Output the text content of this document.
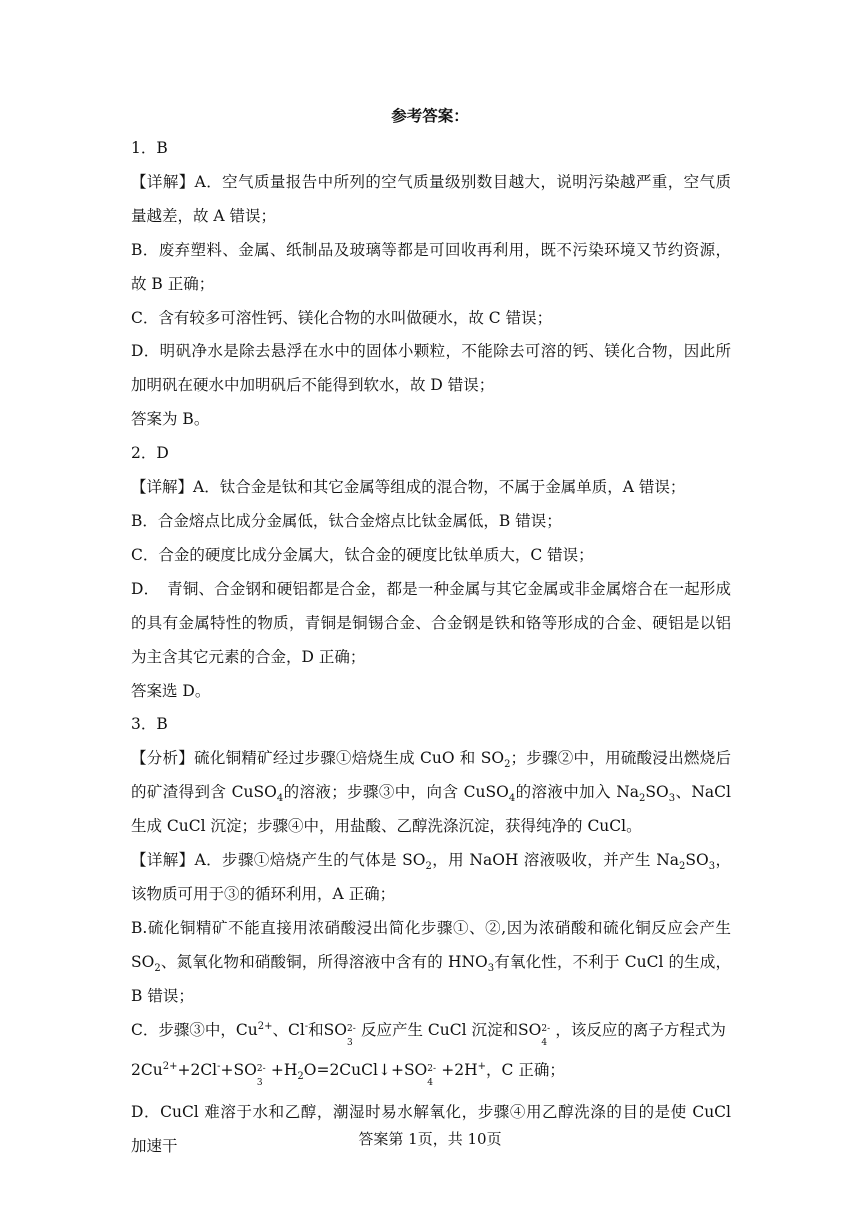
参考答案：

1．B

【详解】A．空气质量报告中所列的空气质量级别数目越大，说明污染越严重，空气质量越差，故 A 错误；

B．废弃塑料、金属、纸制品及玻璃等都是可回收再利用，既不污染环境又节约资源，故 B 正确；

C．含有较多可溶性钙、镁化合物的水叫做硬水，故 C 错误；

D．明矾净水是除去悬浮在水中的固体小颗粒，不能除去可溶的钙、镁化合物，因此所加明矾在硬水中加明矾后不能得到软水，故 D 错误；

答案为 B。

2．D

【详解】A．钛合金是钛和其它金属等组成的混合物，不属于金属单质，A 错误；

B．合金熔点比成分金属低，钛合金熔点比钛金属低，B 错误；

C．合金的硬度比成分金属大，钛合金的硬度比钛单质大，C 错误；

D．　青铜、合金钢和硬铝都是合金，都是一种金属与其它金属或非金属熔合在一起形成的具有金属特性的物质，青铜是铜锡合金、合金钢是铁和铬等形成的合金、硬铝是以铝为主含其它元素的合金，D 正确；

答案选 D。

3．B

【分析】硫化铜精矿经过步骤①焙烧生成 CuO 和 $SO_2$；步骤②中，用硫酸浸出燃烧后的矿渣得到含 CuSO$_4$的溶液；步骤③中，向含 CuSO$_4$的溶液中加入 $Na_2SO_3$、NaCl 生成 CuCl 沉淀；步骤④中，用盐酸、乙醇洗涤沉淀，获得纯净的 CuCl。

【详解】A．步骤①焙烧产生的气体是 $SO_2$，用 NaOH 溶液吸收，并产生 $Na_2SO_3$，该物质可用于③的循环利用，A 正确；

B.硫化铜精矿不能直接用浓硝酸浸出简化步骤①、②,因为浓硝酸和硫化铜反应会产生 $SO_2$、氮氧化物和硝酸铜，所得溶液中含有的 $HNO_3$有氧化性，不利于 CuCl 的生成，B 错误；

C．步骤③中，$Cu^{2+}$、Cl-和SO 2-
3
反应产生 CuCl 沉淀和SO 2-
4
，该反应的离子方程式为

$2Cu^{2+}+2Cl^-+SO$ 2-
3
$+H_2O=2CuCl↓+SO$ 2-
4
+2H+，C 正确；

D．CuCl 难溶于水和乙醇，潮湿时易水解氧化，步骤④用乙醇洗涤的目的是使 CuCl 加速干	答案第 1页，共 10页
